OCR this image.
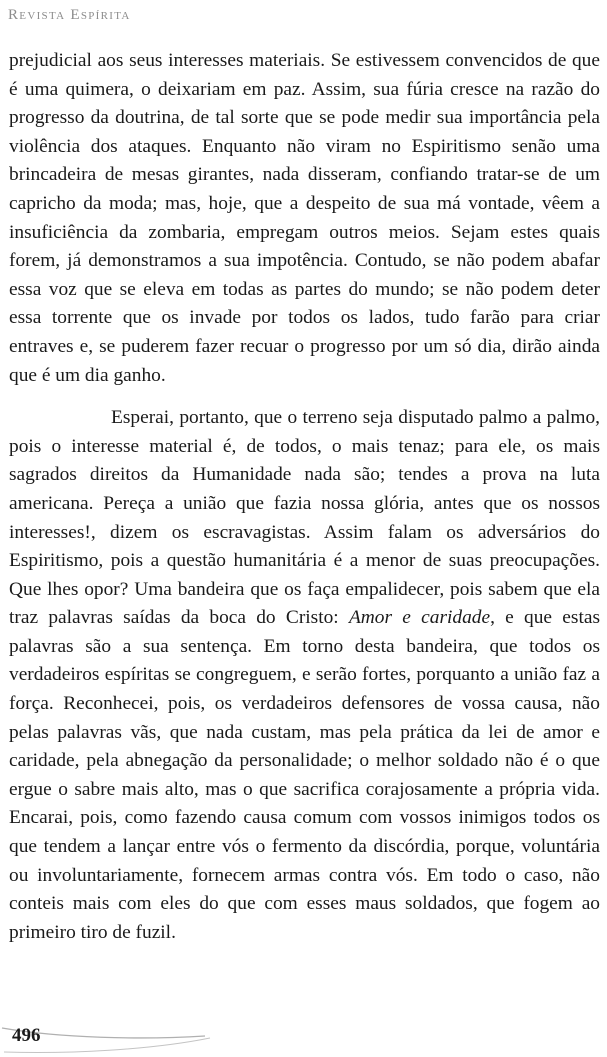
Revista Espírita

prejudicial aos seus interesses materiais. Se estivessem convencidos de que é uma quimera, o deixariam em paz. Assim, sua fúria cresce na razão do progresso da doutrina, de tal sorte que se pode medir sua importância pela violência dos ataques. Enquanto não viram no Espiritismo senão uma brincadeira de mesas girantes, nada disseram, confiando tratar-se de um capricho da moda; mas, hoje, que a despeito de sua má vontade, vêem a insuficiência da zombaria, empregam outros meios. Sejam estes quais forem, já demonstramos a sua impotência. Contudo, se não podem abafar essa voz que se eleva em todas as partes do mundo; se não podem deter essa torrente que os invade por todos os lados, tudo farão para criar entraves e, se puderem fazer recuar o progresso por um só dia, dirão ainda que é um dia ganho.

Esperai, portanto, que o terreno seja disputado palmo a palmo, pois o interesse material é, de todos, o mais tenaz; para ele, os mais sagrados direitos da Humanidade nada são; tendes a prova na luta americana. Pereça a união que fazia nossa glória, antes que os nossos interesses!, dizem os escravagistas. Assim falam os adversários do Espiritismo, pois a questão humanitária é a menor de suas preocupações. Que lhes opor? Uma bandeira que os faça empalidecer, pois sabem que ela traz palavras saídas da boca do Cristo: Amor e caridade, e que estas palavras são a sua sentença. Em torno desta bandeira, que todos os verdadeiros espíritas se congreguem, e serão fortes, porquanto a união faz a força. Reconhecei, pois, os verdadeiros defensores de vossa causa, não pelas palavras vãs, que nada custam, mas pela prática da lei de amor e caridade, pela abnegação da personalidade; o melhor soldado não é o que ergue o sabre mais alto, mas o que sacrifica corajosamente a própria vida. Encarai, pois, como fazendo causa comum com vossos inimigos todos os que tendem a lançar entre vós o fermento da discórdia, porque, voluntária ou involuntariamente, fornecem armas contra vós. Em todo o caso, não conteis mais com eles do que com esses maus soldados, que fogem ao primeiro tiro de fuzil.

496
